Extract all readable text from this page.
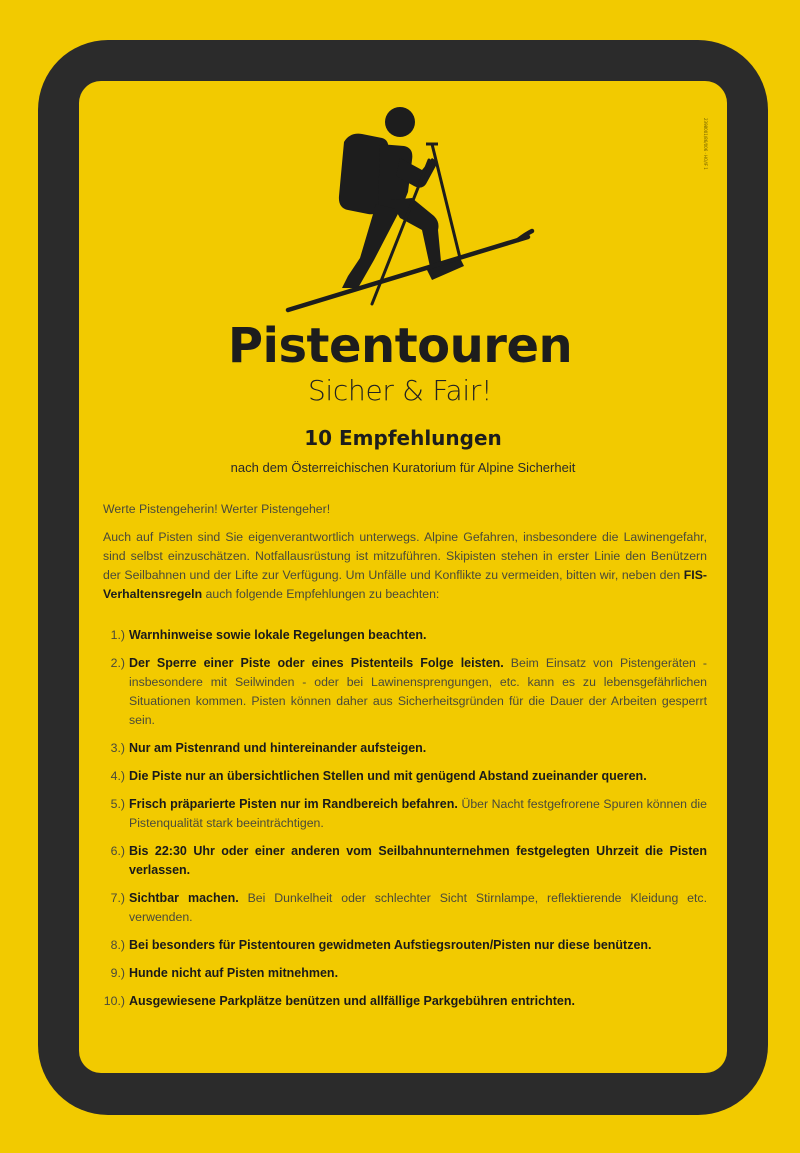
2398001/86/006 · HO/IF 1
Pistentouren
Sicher & Fair!
10 Empfehlungen
nach dem Österreichischen Kuratorium für Alpine Sicherheit

Werte Pistengeherin! Werter Pistengeher!

Auch auf Pisten sind Sie eigenverantwortlich unterwegs. Alpine Gefahren, insbesondere die Lawinengefahr, sind selbst einzuschätzen. Notfallausrüstung ist mitzuführen. Skipisten stehen in erster Linie den Benützern der Seilbahnen und der Lifte zur Verfügung. Um Unfälle und Konflikte zu vermeiden, bitten wir, neben den FIS-Verhaltensregeln auch folgende Empfehlungen zu beachten:

1.) Warnhinweise sowie lokale Regelungen beachten.
2.) Der Sperre einer Piste oder eines Pistenteils Folge leisten. Beim Einsatz von Pistengeräten - insbesondere mit Seilwinden - oder bei Lawinensprengungen, etc. kann es zu lebensgefährlichen Situationen kommen. Pisten können daher aus Sicherheitsgründen für die Dauer der Arbeiten gesperrt sein.
3.) Nur am Pistenrand und hintereinander aufsteigen.
4.) Die Piste nur an übersichtlichen Stellen und mit genügend Abstand zueinander queren.
5.) Frisch präparierte Pisten nur im Randbereich befahren. Über Nacht festgefrorene Spuren können die Pistenqualität stark beeinträchtigen.
6.) Bis 22:30 Uhr oder einer anderen vom Seilbahnunternehmen festgelegten Uhrzeit die Pisten verlassen.
7.) Sichtbar machen. Bei Dunkelheit oder schlechter Sicht Stirnlampe, reflektierende Kleidung etc. verwenden.
8.) Bei besonders für Pistentouren gewidmeten Aufstiegsrouten/Pisten nur diese benützen.
9.) Hunde nicht auf Pisten mitnehmen.
10.) Ausgewiesene Parkplätze benützen und allfällige Parkgebühren entrichten.
